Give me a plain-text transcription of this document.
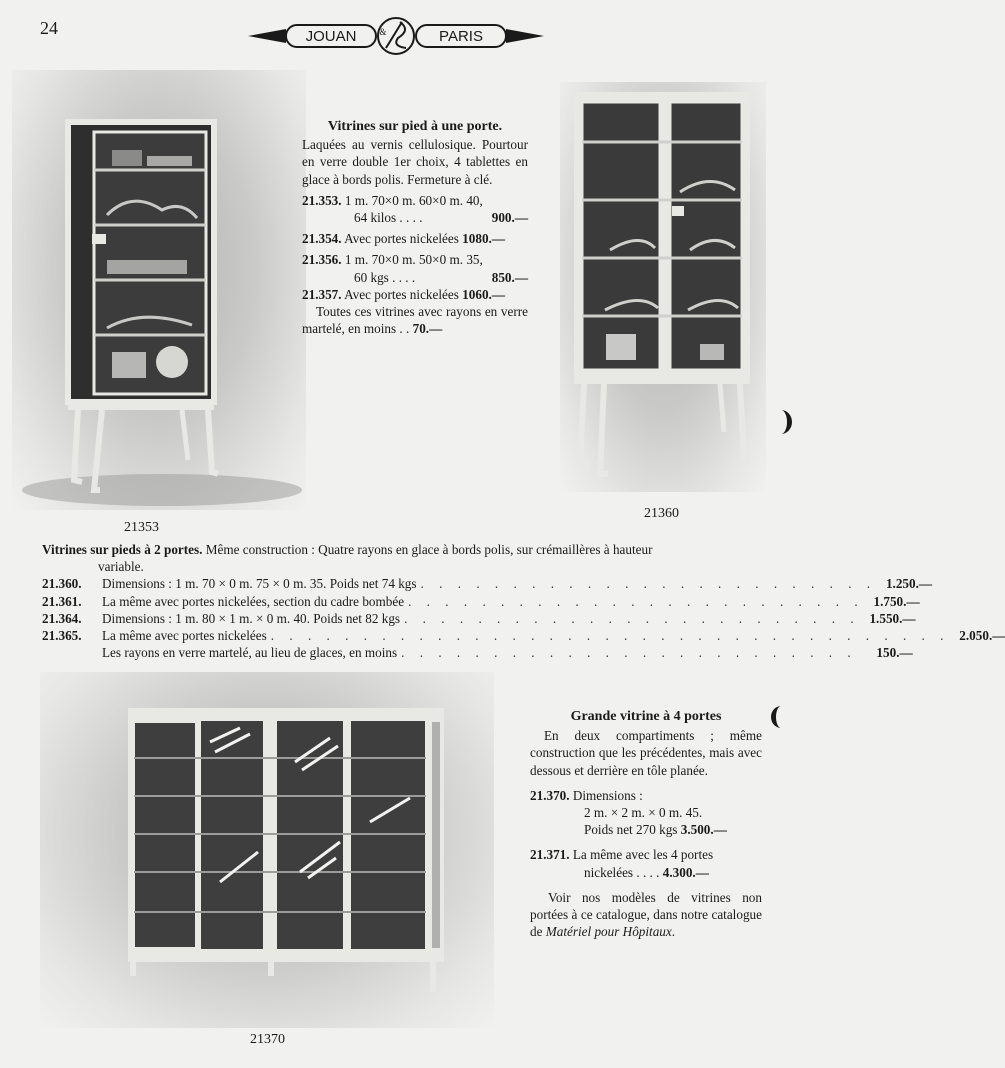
24	JOUAN	PARIS
&
21353
Vitrines sur pied à une porte.
Laquées au vernis cellulosique. Pourtour en verre double 1er choix, 4 tablettes en glace à bords polis. Fermeture à clé.
21.353. 1 m. 70×0 m. 60×0 m. 40,
64 kilos . . . .	900.—
21.354. Avec portes nickelées 1080.—
21.356. 1 m. 70×0 m. 50×0 m. 35,
60 kgs . . . .	850.—
21.357. Avec portes nickelées 1060.—
Toutes ces vitrines avec rayons en verre martelé, en moins . . 70.—
21360
Vitrines sur pieds à 2 portes. Même construction : Quatre rayons en glace à bords polis, sur crémaillères à hauteur
variable.
21.360.	Dimensions : 1 m. 70 × 0 m. 75 × 0 m. 35. Poids net 74 kgs . . . . . . . . . . . . . . . . . . . . . . . . . 1.250.—
21.361.	La même avec portes nickelées, section du cadre bombée . . . . . . . . . . . . . . . . . . . . . . . . . 1.750.—
21.364.	Dimensions : 1 m. 80 × 1 m. × 0 m. 40. Poids net 82 kgs . . . . . . . . . . . . . . . . . . . . . . . . . 1.550.—
21.365.	La même avec portes nickelées . . . . . . . . . . . . . . . . . . . . . . . . . . . . . . . . . . . . . 2.050.—
Les rayons en verre martelé, au lieu de glaces, en moins . . . . . . . . . . . . . . . . . . . . . . . . .	150.—
21370
Grande vitrine à 4 portes
En deux compartiments ; même construction que les précédentes, mais avec dessous et derrière en tôle planée.
21.370. Dimensions :
2 m. × 2 m. × 0 m. 45.
Poids net 270 kgs 3.500.—
21.371. La même avec les 4 portes
nickelées . . . . 4.300.—
Voir nos modèles de vitrines non portées à ce catalogue, dans notre catalogue de Matériel pour Hôpitaux.
